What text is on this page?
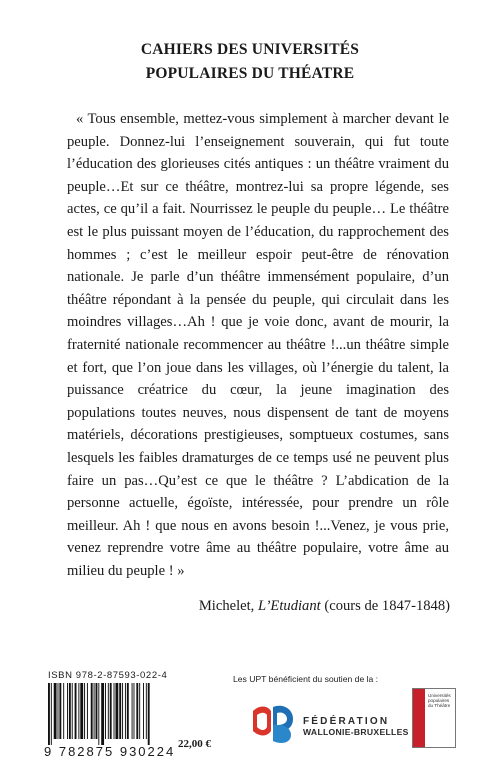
CAHIERS DES UNIVERSITÉS
POPULAIRES DU THÉATRE
« Tous ensemble, mettez-vous simplement à marcher devant le peuple. Donnez-lui l’enseignement souverain, qui fut toute l’éducation des glorieuses cités antiques : un théâtre vraiment du peuple…Et sur ce théâtre, montrez-lui sa propre légende, ses actes, ce qu’il a fait. Nourrissez le peuple du peuple… Le théâtre est le plus puissant moyen de l’éducation, du rapprochement des hommes ; c’est le meilleur espoir peut-être de rénovation nationale. Je parle d’un théâtre immensément populaire, d’un théâtre répondant à la pensée du peuple, qui circulait dans les moindres villages…Ah ! que je voie donc, avant de mourir, la fraternité nationale recommencer au théâtre !...un théâtre simple et fort, que l’on joue dans les villages, où l’énergie du talent, la puissance créatrice du cœur, la jeune imagination des populations toutes neuves, nous dispensent de tant de moyens matériels, décorations prestigieuses, somptueux costumes, sans lesquels les faibles dramaturges de ce temps usé ne peuvent plus faire un pas…Qu’est ce que le théâtre ? L’abdication de la personne actuelle, égoïste, intéressée, pour prendre un rôle meilleur. Ah ! que nous en avons besoin !...Venez, je vous prie, venez reprendre votre âme au théâtre populaire, votre âme au milieu du peuple ! »
Michelet, L’Etudiant (cours de 1847-1848)
ISBN 978-2-87593-022-4
9 782875 930224 22,00 €
Les UPT bénéficient du soutien de la :
FÉDÉRATION
WALLONIE-BRUXELLES
Universités populaires du Théâtre
